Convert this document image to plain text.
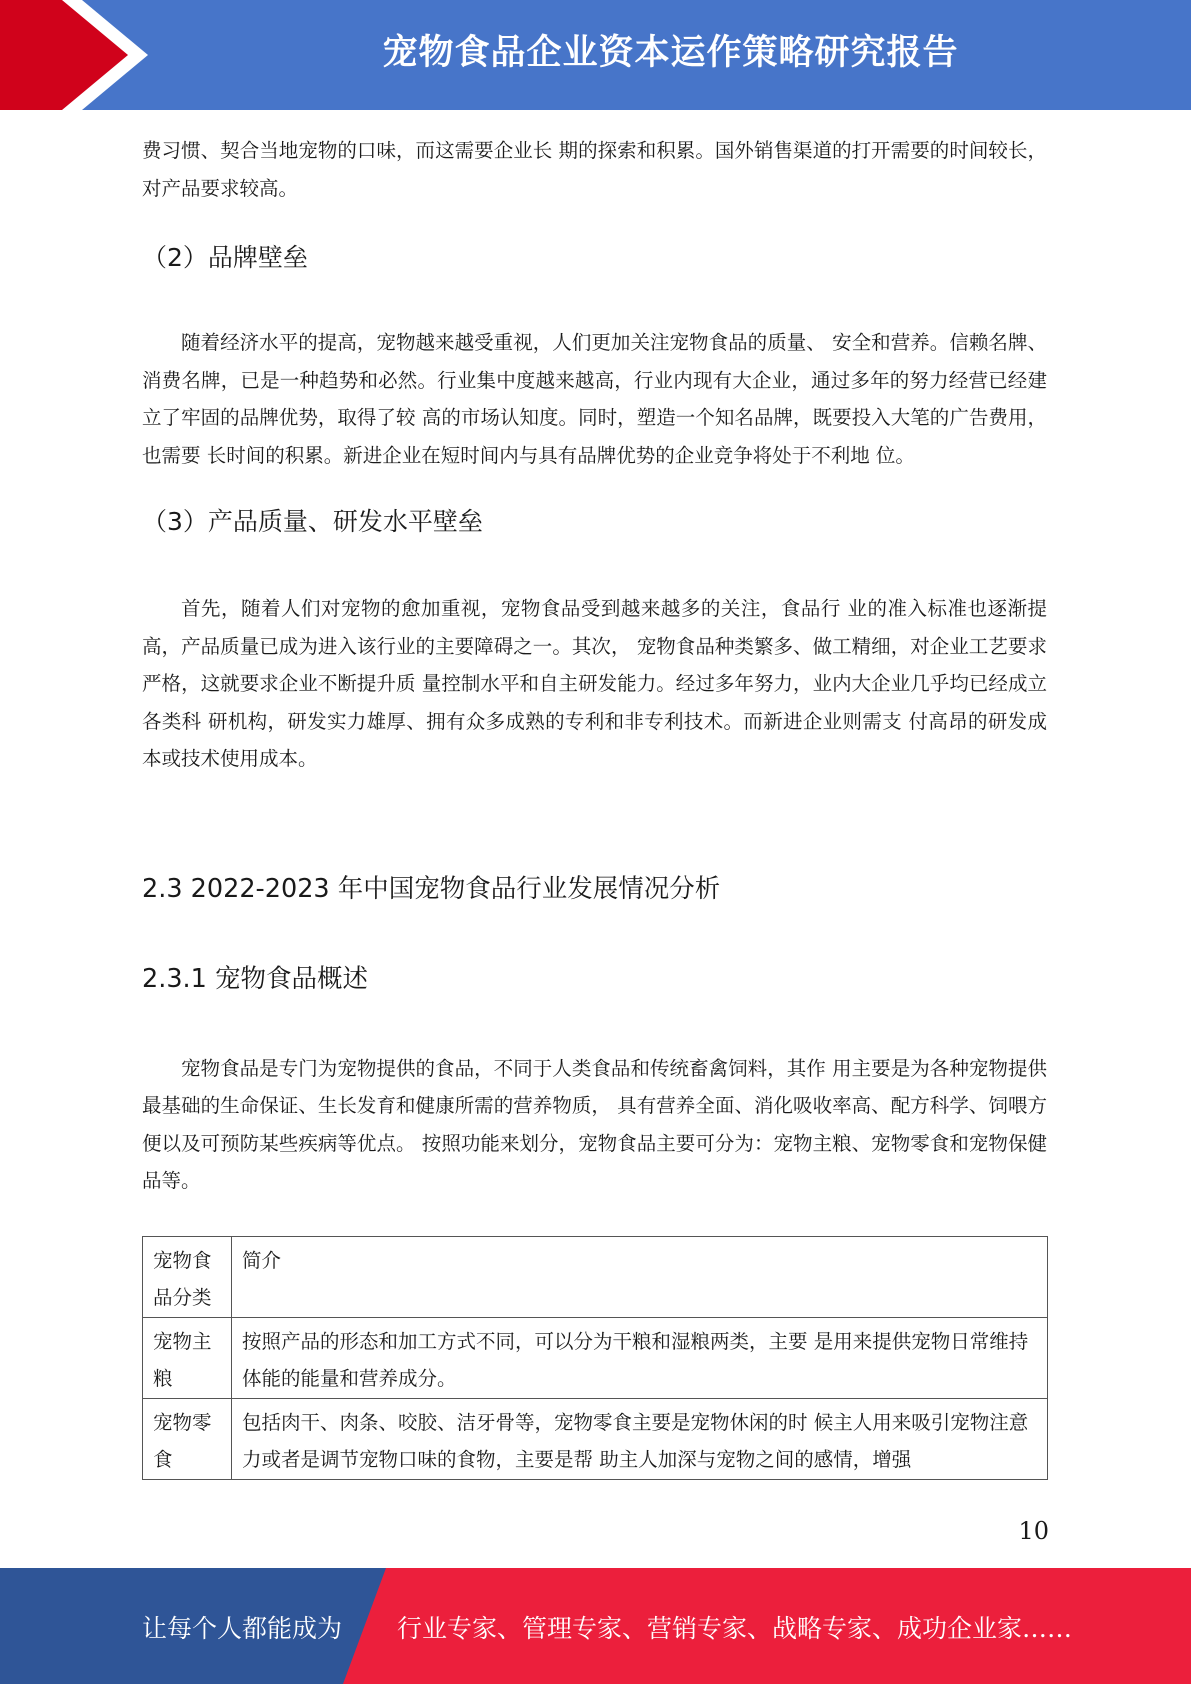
宠物食品企业资本运作策略研究报告

费习惯、契合当地宠物的口味，而这需要企业长 期的探索和积累。国外销售渠道的打开需要的时间较长，对产品要求较高。

（2）品牌壁垒

随着经济水平的提高，宠物越来越受重视，人们更加关注宠物食品的质量、 安全和营养。信赖名牌、消费名牌，已是一种趋势和必然。行业集中度越来越高，行业内现有大企业，通过多年的努力经营已经建立了牢固的品牌优势，取得了较 高的市场认知度。同时，塑造一个知名品牌，既要投入大笔的广告费用，也需要 长时间的积累。新进企业在短时间内与具有品牌优势的企业竞争将处于不利地 位。

（3）产品质量、研发水平壁垒

首先，随着人们对宠物的愈加重视，宠物食品受到越来越多的关注，食品行 业的准入标准也逐渐提高，产品质量已成为进入该行业的主要障碍之一。其次， 宠物食品种类繁多、做工精细，对企业工艺要求严格，这就要求企业不断提升质 量控制水平和自主研发能力。经过多年努力，业内大企业几乎均已经成立各类科 研机构，研发实力雄厚、拥有众多成熟的专利和非专利技术。而新进企业则需支 付高昂的研发成本或技术使用成本。

2.3 2022-2023 年中国宠物食品行业发展情况分析
2.3.1 宠物食品概述

宠物食品是专门为宠物提供的食品，不同于人类食品和传统畜禽饲料，其作 用主要是为各种宠物提供最基础的生命保证、生长发育和健康所需的营养物质， 具有营养全面、消化吸收率高、配方科学、饲喂方便以及可预防某些疾病等优点。 按照功能来划分，宠物食品主要可分为：宠物主粮、宠物零食和宠物保健品等。

宠物食品分类	简介
宠物主粮	按照产品的形态和加工方式不同，可以分为干粮和湿粮两类，主要 是用来提供宠物日常维持体能的能量和营养成分。
宠物零食	包括肉干、肉条、咬胶、洁牙骨等，宠物零食主要是宠物休闲的时 候主人用来吸引宠物注意力或者是调节宠物口味的食物，主要是帮 助主人加深与宠物之间的感情，增强
10
让每个人都能成为 行业专家、管理专家、营销专家、战略专家、成功企业家……
